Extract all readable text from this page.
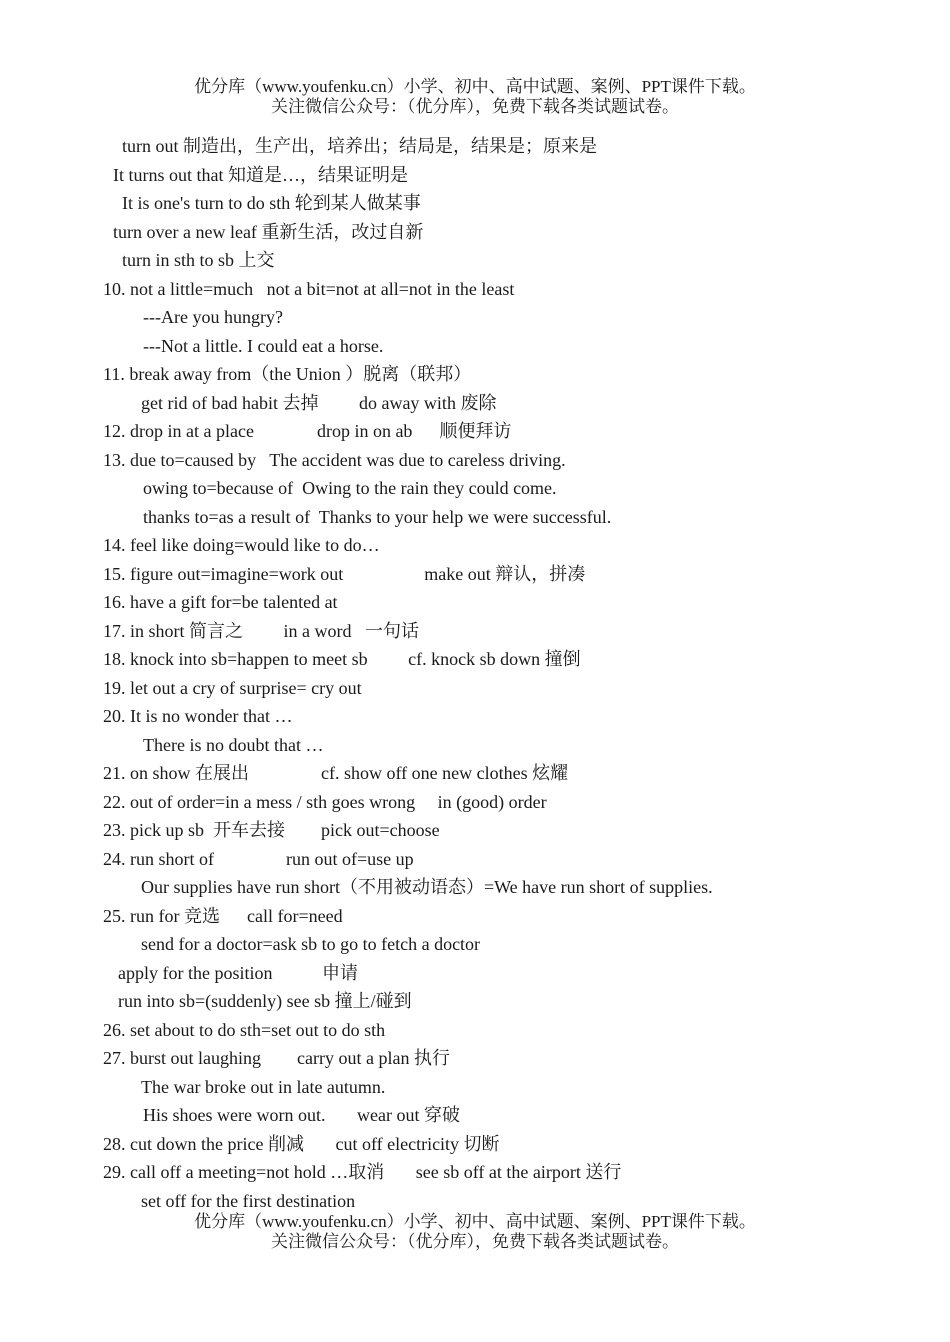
优分库（www.youfenku.cn）小学、初中、高中试题、案例、PPT课件下载。
关注微信公众号：（优分库），免费下载各类试题试卷。
turn out 制造出，生产出，培养出；结局是，结果是；原来是
It turns out that 知道是…，结果证明是
It is one's turn to do sth 轮到某人做某事
turn over a new leaf 重新生活，改过自新
turn in sth to sb 上交
10. not a little=much   not a bit=not at all=not in the least
---Are you hungry?
---Not a little. I could eat a horse.
11. break away from（the Union ）脱离（联邦）
get rid of bad habit 去掉         do away with 废除
12. drop in at a place              drop in on ab      顺便拜访
13. due to=caused by   The accident was due to careless driving.
owing to=because of  Owing to the rain they could come.
thanks to=as a result of  Thanks to your help we were successful.
14. feel like doing=would like to do…
15. figure out=imagine=work out                  make out 辩认，拼凑
16. have a gift for=be talented at
17. in short 简言之         in a word   一句话
18. knock into sb=happen to meet sb         cf. knock sb down 撞倒
19. let out a cry of surprise= cry out
20. It is no wonder that …
There is no doubt that …
21. on show 在展出                cf. show off one new clothes 炫耀
22. out of order=in a mess / sth goes wrong     in (good) order
23. pick up sb  开车去接        pick out=choose
24. run short of                run out of=use up
Our supplies have run short（不用被动语态）=We have run short of supplies.
25. run for 竞选      call for=need
send for a doctor=ask sb to go to fetch a doctor
apply for the position           申请
run into sb=(suddenly) see sb 撞上/碰到
26. set about to do sth=set out to do sth
27. burst out laughing        carry out a plan 执行
The war broke out in late autumn.
His shoes were worn out.       wear out 穿破
28. cut down the price 削减       cut off electricity 切断
29. call off a meeting=not hold …取消       see sb off at the airport 送行
set off for the first destination
优分库（www.youfenku.cn）小学、初中、高中试题、案例、PPT课件下载。
关注微信公众号：（优分库），免费下载各类试题试卷。
